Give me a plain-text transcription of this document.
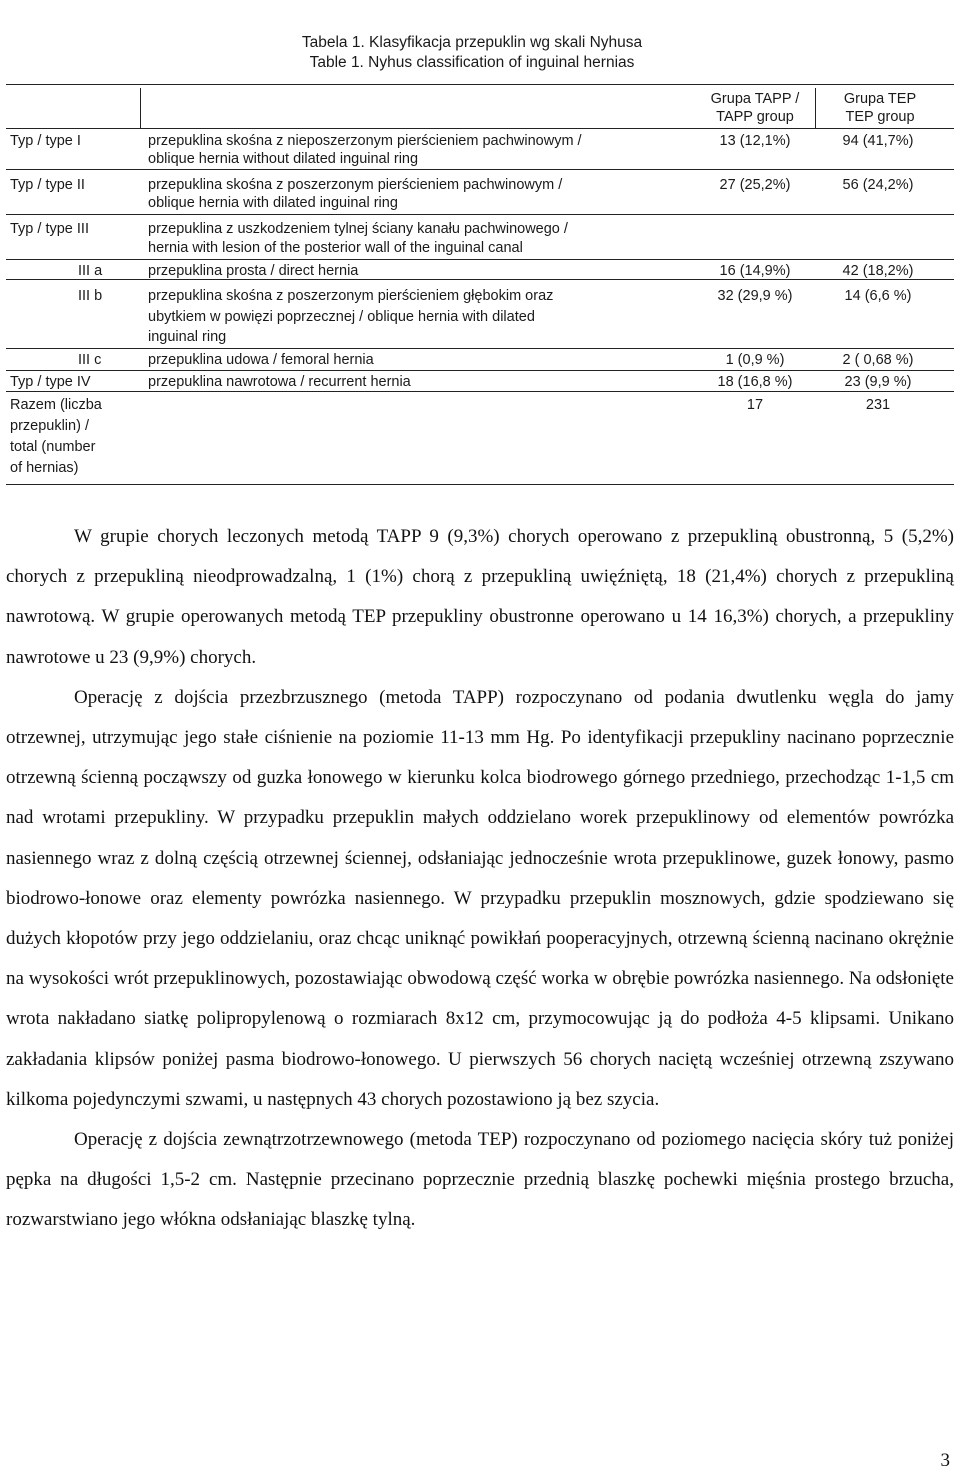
Tabela 1. Klasyfikacja przepuklin wg skali Nyhusa
Table 1. Nyhus classification of inguinal hernias
Grupa TAPP /
TAPP group
Grupa TEP
TEP group
Typ / type I	przepuklina skośna z nieposzerzonym pierścieniem pachwinowym /
oblique hernia without dilated inguinal ring
13 (12,1%)	94 (41,7%)
Typ / type II	przepuklina skośna z poszerzonym pierścieniem pachwinowym /
oblique hernia with dilated inguinal ring
27 (25,2%)	56 (24,2%)
Typ / type III	przepuklina z uszkodzeniem tylnej ściany kanału pachwinowego /
hernia with lesion of the posterior wall of the inguinal canal
III a	przepuklina prosta / direct hernia	16 (14,9%)	42 (18,2%)
III b	przepuklina skośna z poszerzonym pierścieniem głębokim oraz
ubytkiem w powięzi poprzecznej / oblique hernia with dilated
inguinal ring
32 (29,9 %)	14 (6,6 %)
III c	przepuklina udowa / femoral hernia	1 (0,9 %)	2 ( 0,68 %)
Typ / type IV	przepuklina nawrotowa / recurrent hernia	18 (16,8 %)	23 (9,9 %)
Razem (liczba
przepuklin) /
total (number
of hernias)
17	231

W grupie chorych leczonych metodą TAPP 9 (9,3%) chorych operowano z przepukliną obustronną, 5 (5,2%) chorych z przepukliną nieodprowadzalną, 1 (1%) chorą z przepukliną uwięźniętą, 18 (21,4%) chorych z przepukliną nawrotową. W grupie operowanych metodą TEP przepukliny obustronne operowano u 14 16,3%) chorych, a przepukliny nawrotowe u 23 (9,9%) chorych.

Operację z dojścia przezbrzusznego (metoda TAPP) rozpoczynano od podania dwutlenku węgla do jamy otrzewnej, utrzymując jego stałe ciśnienie na poziomie 11-13 mm Hg. Po identyfikacji przepukliny nacinano poprzecznie otrzewną ścienną począwszy od guzka łonowego w kierunku kolca biodrowego górnego przedniego, przechodząc 1-1,5 cm nad wrotami przepukliny. W przypadku przepuklin małych oddzielano worek przepuklinowy od elementów powrózka nasiennego wraz z dolną częścią otrzewnej ściennej, odsłaniając jednocześnie wrota przepuklinowe, guzek łonowy, pasmo biodrowo-łonowe oraz elementy powrózka nasiennego. W przypadku przepuklin mosznowych, gdzie spodziewano się dużych kłopotów przy jego oddzielaniu, oraz chcąc uniknąć powikłań pooperacyjnych, otrzewną ścienną nacinano okrężnie na wysokości wrót przepuklinowych, pozostawiając obwodową część worka w obrębie powrózka nasiennego. Na odsłonięte wrota nakładano siatkę polipropylenową o rozmiarach 8x12 cm, przymocowując ją do podłoża 4-5 klipsami. Unikano zakładania klipsów poniżej pasma biodrowo-łonowego. U pierwszych 56 chorych naciętą wcześniej otrzewną zszywano kilkoma pojedynczymi szwami, u następnych 43 chorych pozostawiono ją bez szycia.

Operację z dojścia zewnątrzotrzewnowego (metoda TEP) rozpoczynano od poziomego nacięcia skóry tuż poniżej pępka na długości 1,5-2 cm. Następnie przecinano poprzecznie przednią blaszkę pochewki mięśnia prostego brzucha, rozwarstwiano jego włókna odsłaniając blaszkę tylną.

3
